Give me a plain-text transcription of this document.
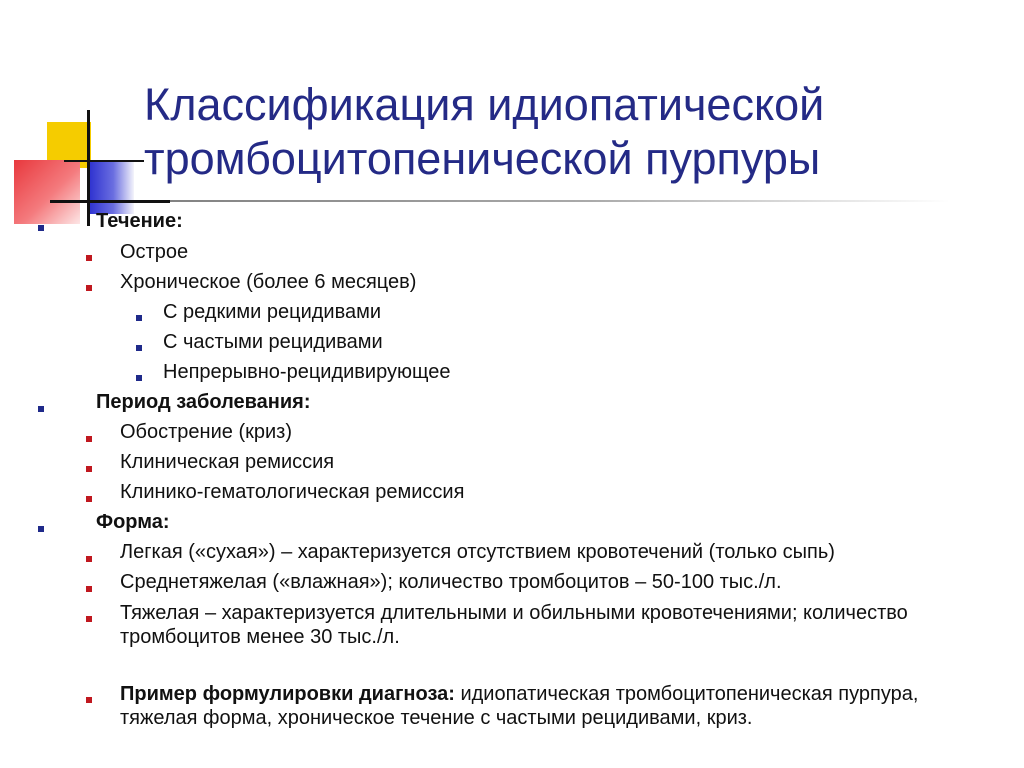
Классификация идиопатической
тромбоцитопенической пурпуры
Течение:
Острое
Хроническое (более 6 месяцев)
С редкими рецидивами
С частыми рецидивами
Непрерывно-рецидивирующее
Период заболевания:
Обострение (криз)
Клиническая ремиссия
Клинико-гематологическая ремиссия
Форма:
Легкая («сухая») – характеризуется отсутствием кровотечений (только сыпь)
Среднетяжелая («влажная»); количество тромбоцитов – 50-100 тыс./л.
Тяжелая – характеризуется длительными и обильными кровотечениями; количество тромбоцитов менее 30 тыс./л.
Пример формулировки диагноза: идиопатическая тромбоцитопеническая пурпура, тяжелая форма, хроническое течение с частыми рецидивами, криз.
